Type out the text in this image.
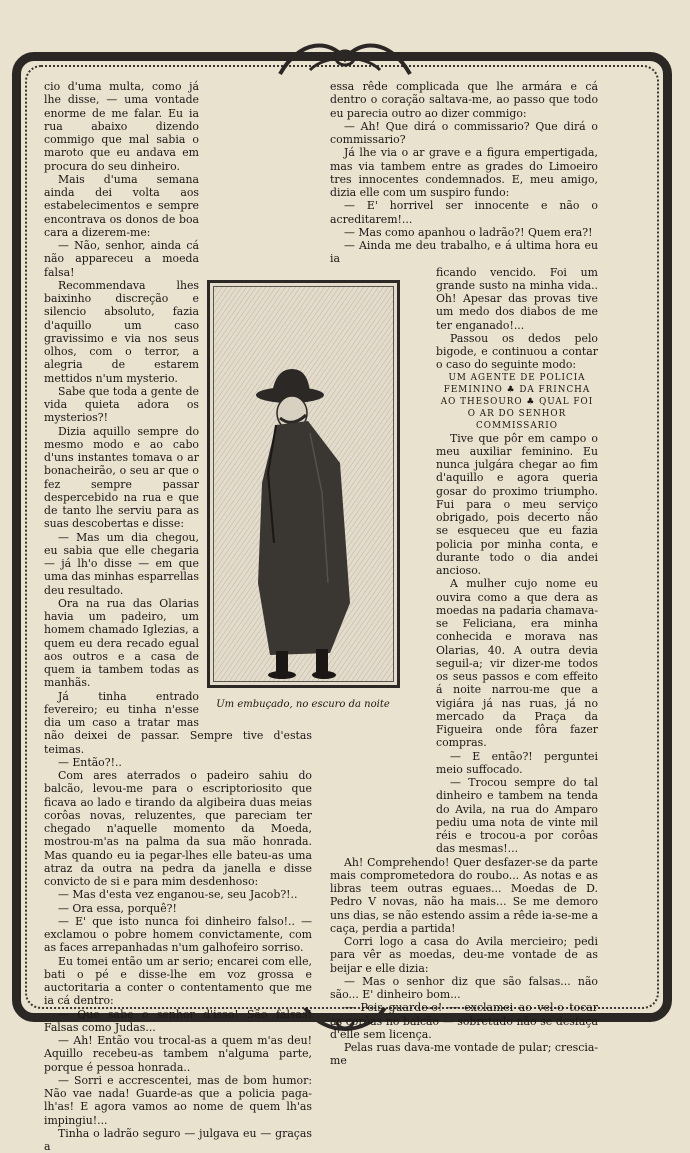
Um embuçado, no escuro da noite

cio d'uma multa, como já lhe disse, — uma vontade enorme de me falar. Eu ia rua abaixo dizendo commigo que mal sabia o maroto que eu andava em procura do seu dinheiro.

Mais d'uma semana ainda dei volta aos estabelecimentos e sempre encontrava os donos de boa cara a dizerem-me:

— Não, senhor, ainda cá não appareceu a moeda falsa!

Recommendava lhes baixinho discreção e silencio absoluto, fazia d'aquillo um caso gravissimo e via nos seus olhos, com o terror, a alegria de estarem mettidos n'um mysterio.

Sabe que toda a gente de vida quieta adora os mysterios?!

Dizia aquillo sempre do mesmo modo e ao cabo d'uns instantes tomava o ar bonacheirão, o seu ar que o fez sempre passar despercebido na rua e que de tanto lhe serviu para as suas descobertas e disse:

— Mas um dia chegou, eu sabia que elle chegaria — já lh'o disse — em que uma das minhas esparrellas deu resultado.

Ora na rua das Olarias havia um padeiro, um homem chamado Iglezias, a quem eu dera recado egual aos outros e a casa de quem ia tambem todas as manhãs.

Já tinha entrado fevereiro; eu tinha n'esse dia um caso a tratar mas não deixei de passar. Sempre tive d'estas teimas.

— Então?!..

Com ares aterrados o padeiro sahiu do balcão, levou-me para o escriptoriosito que ficava ao lado e tirando da algibeira duas meias corôas novas, reluzentes, que pareciam ter chegado n'aquelle momento da Moeda, mostrou-m'as na palma da sua mão honrada. Mas quando eu ia pegar-lhes elle bateu-as uma atraz da outra na pedra da janella e disse convicto de si e para mim desdenhoso:

— Mas d'esta vez enganou-se, seu Jacob?!..

— Ora essa, porquê?!

— E' que isto nunca foi dinheiro falso!.. — exclamou o pobre homem convictamente, com as faces arrepanhadas n'um galhofeiro sorriso.

Eu tomei então um ar serio; encarei com elle, bati o pé e disse-lhe em voz grossa e auctoritaria a conter o contentamento que me ia cá dentro:

— Que sabe o senhor d'isso! São falsas! Falsas como Judas...

— Ah! Então vou trocal-as a quem m'as deu! Aquillo recebeu-as tambem n'alguma parte, porque é pessoa honrada..

— Sorri e accrescentei, mas de bom humor: Não vae nada! Guarde-as que a policia paga-lh'as! E agora vamos ao nome de quem lh'as impingiu!...

Tinha o ladrão seguro — julgava eu — graças a

essa rêde complicada que lhe armára e cá dentro o coração saltava-me, ao passo que todo eu parecia outro ao dizer commigo:

— Ah! Que dirá o commissario? Que dirá o commissario?

Já lhe via o ar grave e a figura empertigada, mas via tambem entre as grades do Limoeiro tres innocentes condemnados. E, meu amigo, dizia elle com um suspiro fundo:

— E' horrivel ser innocente e não o acreditarem!...

— Mas como apanhou o ladrão?! Quem era?!

— Ainda me deu trabalho, e á ultima hora eu ia

ficando vencido. Foi um grande susto na minha vida.. Oh! Apesar das provas tive um medo dos diabos de me ter enganado!...

Passou os dedos pelo bigode, e continuou a contar o caso do seguinte modo:

UM AGENTE DE POLICIA FEMININO ♣ DA FRINCHA AO THESOURO ♣ QUAL FOI O AR DO SENHOR COMMISSARIO

Tive que pôr em campo o meu auxiliar feminino. Eu nunca julgára chegar ao fim d'aquillo e agora queria gosar do proximo triumpho. Fui para o meu serviço obrigado, pois decerto não se esqueceu que eu fazia policia por minha conta, e durante todo o dia andei ancioso.

A mulher cujo nome eu ouvira como a que dera as moedas na padaria chamava-se Feliciana, era minha conhecida e morava nas Olarias, 40. A outra devia seguil-a; vir dizer-me todos os seus passos e com effeito á noite narrou-me que a vigiára já nas ruas, já no mercado da Praça da Figueira onde fôra fazer compras.

— E então?! perguntei meio suffocado.

— Trocou sempre do tal dinheiro e tambem na tenda do Avila, na rua do Amparo pediu uma nota de vinte mil réis e trocou-a por corôas das mesmas!...

Ah! Comprehendo! Quer desfazer-se da parte mais comprometedora do roubo... As notas e as libras teem outras eguaes... Moedas de D. Pedro V novas, não ha mais... Se me demoro uns dias, se não estendo assim a rêde ia-se-me a caça, perdia a partida!

Corri logo a casa do Avila mercieiro; pedi para vêr as moedas, deu-me vontade de as beijar e elle dizia:

— Mas o senhor diz que são falsas... não são... E' dinheiro bom...

— Pois guarde-o! — exclamei ao vel-o tocar as corôas no balcão — sobretudo não se desfaça d'elle sem licença.

Pelas ruas dava-me vontade de pular; crescia-me
